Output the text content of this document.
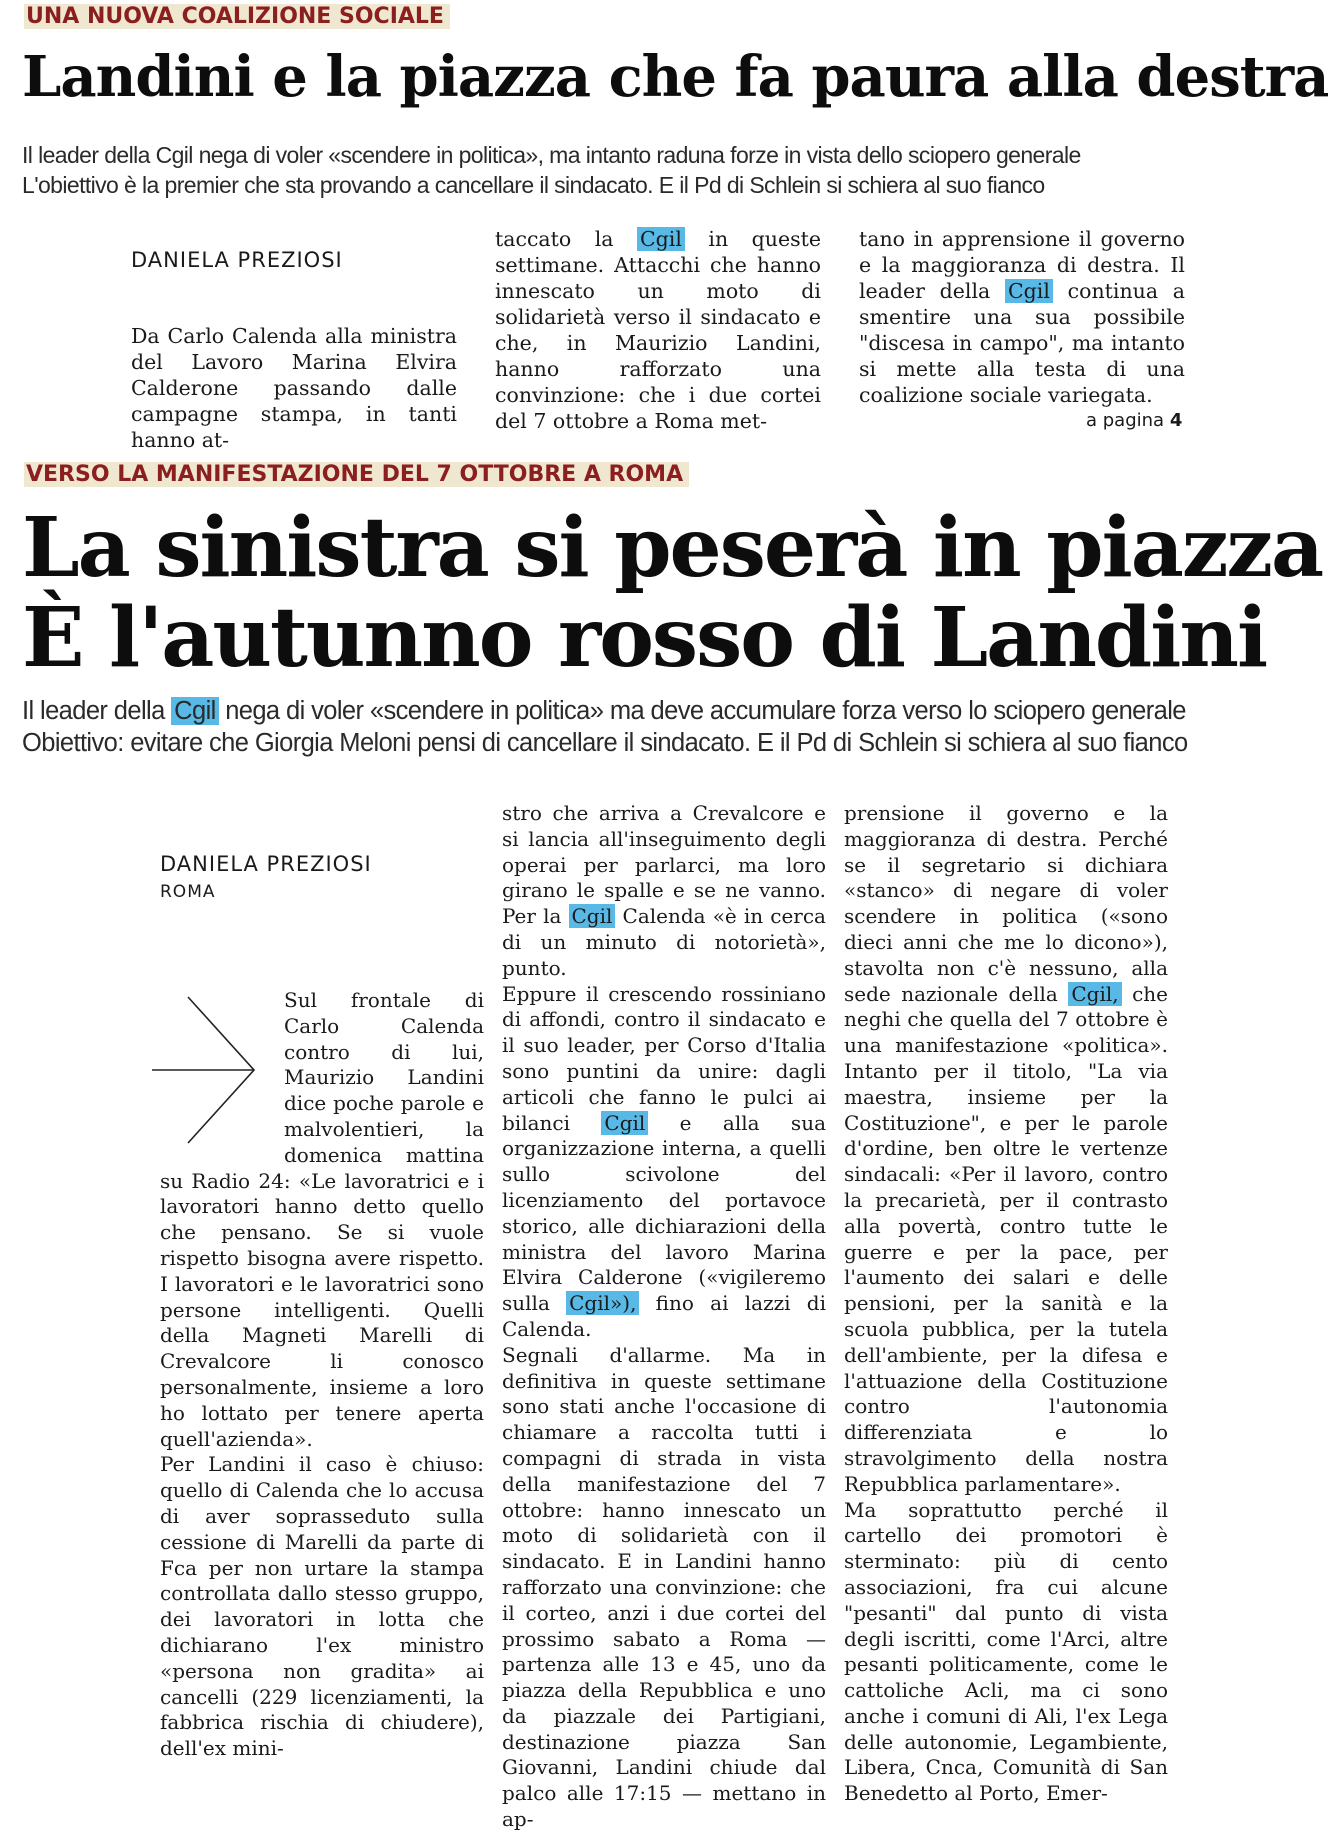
UNA NUOVA COALIZIONE SOCIALE
Landini e la piazza che fa paura alla destra

Il leader della Cgil nega di voler «scendere in politica», ma intanto raduna forze in vista dello sciopero generale

L'obiettivo è la premier che sta provando a cancellare il sindacato. E il Pd di Schlein si schiera al suo fianco

DANIELA PREZIOSI

Da Carlo Calenda alla ministra del Lavoro Marina Elvira Calderone passando dalle campagne stampa, in tanti hanno at-

taccato la Cgil in queste settimane. Attacchi che hanno innescato un moto di solidarietà verso il sindacato e che, in Maurizio Landini, hanno rafforzato una convinzione: che i due cortei del 7 ottobre a Roma met-

tano in apprensione il governo e la maggioranza di destra. Il leader della Cgil continua a smentire una sua possibile "discesa in campo", ma intanto si mette alla testa di una coalizione sociale variegata.

a pagina 4
VERSO LA MANIFESTAZIONE DEL 7 OTTOBRE A ROMA
La sinistra si peserà in piazza
È l'autunno rosso di Landini

Il leader della Cgil nega di voler «scendere in politica» ma deve accumulare forza verso lo sciopero generale

Obiettivo: evitare che Giorgia Meloni pensi di cancellare il sindacato. E il Pd di Schlein si schiera al suo fianco

DANIELA PREZIOSI
ROMA

Sul frontale di Carlo Calenda contro di lui, Maurizio Landini dice poche parole e malvolentieri, la domenica mattina su Radio 24: «Le lavoratrici e i lavoratori hanno detto quello che pensano. Se si vuole rispetto bisogna avere rispetto. I lavoratori e le lavoratrici sono persone intelligenti. Quelli della Magneti Marelli di Crevalcore li conosco personalmente, insieme a loro ho lottato per tenere aperta quell'azienda».

Per Landini il caso è chiuso: quello di Calenda che lo accusa di aver soprasseduto sulla cessione di Marelli da parte di Fca per non urtare la stampa controllata dallo stesso gruppo, dei lavoratori in lotta che dichiarano l'ex ministro «persona non gradita» ai cancelli (229 licenziamenti, la fabbrica rischia di chiudere), dell'ex mini-

stro che arriva a Crevalcore e si lancia all'inseguimento degli operai per parlarci, ma loro girano le spalle e se ne vanno. Per la Cgil Calenda «è in cerca di un minuto di notorietà», punto.

Eppure il crescendo rossiniano di affondi, contro il sindacato e il suo leader, per Corso d'Italia sono puntini da unire: dagli articoli che fanno le pulci ai bilanci Cgil e alla sua organizzazione interna, a quelli sullo scivolone del licenziamento del portavoce storico, alle dichiarazioni della ministra del lavoro Marina Elvira Calderone («vigileremo sulla Cgil»), fino ai lazzi di Calenda.

Segnali d'allarme. Ma in definitiva in queste settimane sono stati anche l'occasione di chiamare a raccolta tutti i compagni di strada in vista della manifestazione del 7 ottobre: hanno innescato un moto di solidarietà con il sindacato. E in Landini hanno rafforzato una convinzione: che il corteo, anzi i due cortei del prossimo sabato a Roma — partenza alle 13 e 45, uno da piazza della Repubblica e uno da piazzale dei Partigiani, destinazione piazza San Giovanni, Landini chiude dal palco alle 17:15 — mettano in ap-

prensione il governo e la maggioranza di destra. Perché se il segretario si dichiara «stanco» di negare di voler scendere in politica («sono dieci anni che me lo dicono»), stavolta non c'è nessuno, alla sede nazionale della Cgil, che neghi che quella del 7 ottobre è una manifestazione «politica». Intanto per il titolo, "La via maestra, insieme per la Costituzione", e per le parole d'ordine, ben oltre le vertenze sindacali: «Per il lavoro, contro la precarietà, per il contrasto alla povertà, contro tutte le guerre e per la pace, per l'aumento dei salari e delle pensioni, per la sanità e la scuola pubblica, per la tutela dell'ambiente, per la difesa e l'attuazione della Costituzione contro l'autonomia differenziata e lo stravolgimento della nostra Repubblica parlamentare».

Ma soprattutto perché il cartello dei promotori è sterminato: più di cento associazioni, fra cui alcune "pesanti" dal punto di vista degli iscritti, come l'Arci, altre pesanti politicamente, come le cattoliche Acli, ma ci sono anche i comuni di Ali, l'ex Lega delle autonomie, Legambiente, Libera, Cnca, Comunità di San Benedetto al Porto, Emer-
